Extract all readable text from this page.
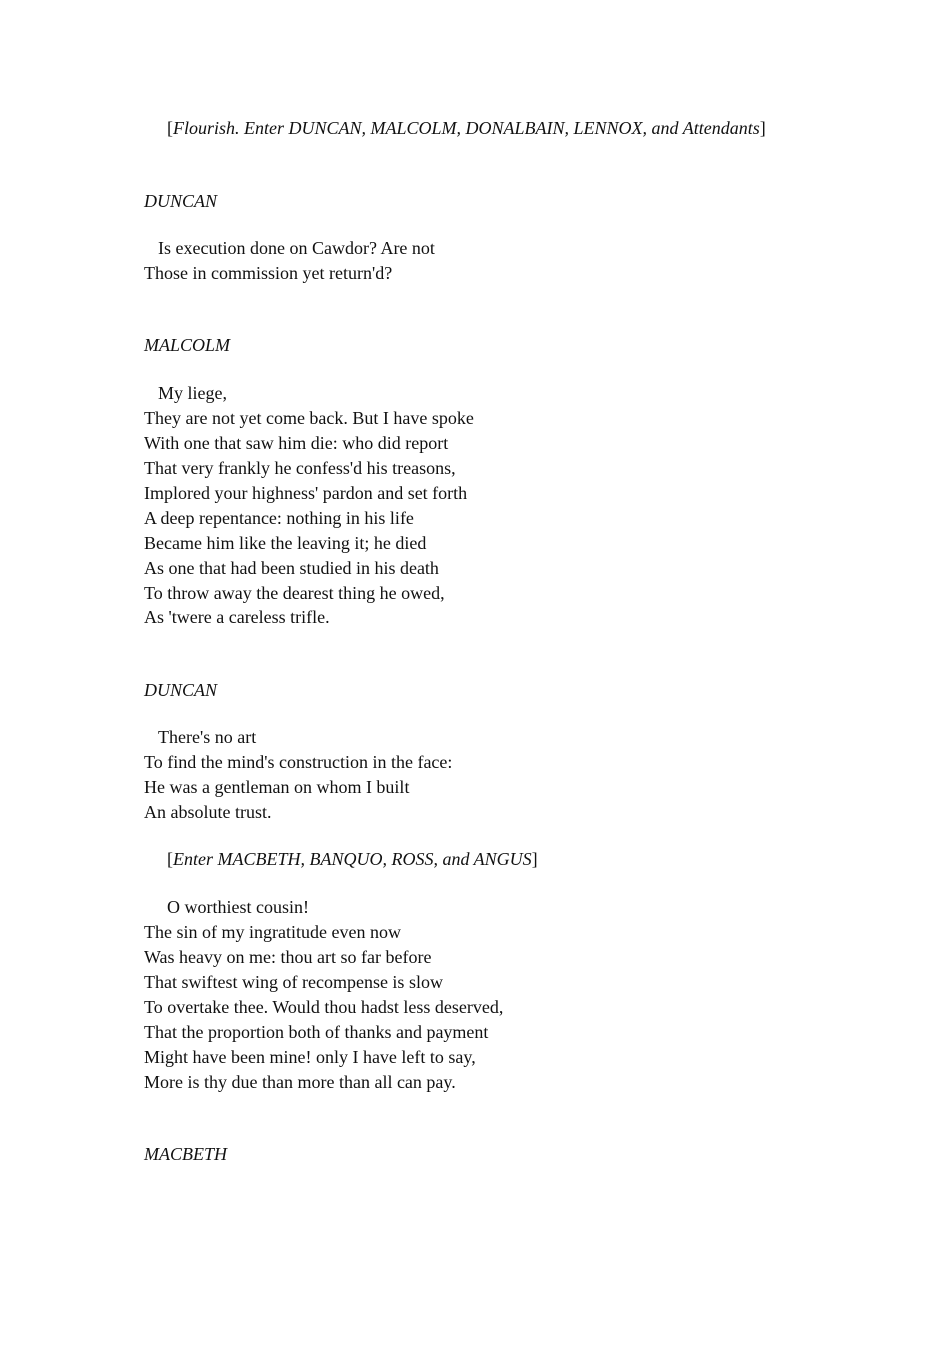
[Flourish. Enter DUNCAN, MALCOLM, DONALBAIN, LENNOX, and Attendants]
DUNCAN
Is execution done on Cawdor? Are not
Those in commission yet return'd?
MALCOLM
My liege,
They are not yet come back. But I have spoke
With one that saw him die: who did report
That very frankly he confess'd his treasons,
Implored your highness' pardon and set forth
A deep repentance: nothing in his life
Became him like the leaving it; he died
As one that had been studied in his death
To throw away the dearest thing he owed,
As 'twere a careless trifle.
DUNCAN
There's no art
To find the mind's construction in the face:
He was a gentleman on whom I built
An absolute trust.
[Enter MACBETH, BANQUO, ROSS, and ANGUS]
O worthiest cousin!
The sin of my ingratitude even now
Was heavy on me: thou art so far before
That swiftest wing of recompense is slow
To overtake thee. Would thou hadst less deserved,
That the proportion both of thanks and payment
Might have been mine! only I have left to say,
More is thy due than more than all can pay.
MACBETH
